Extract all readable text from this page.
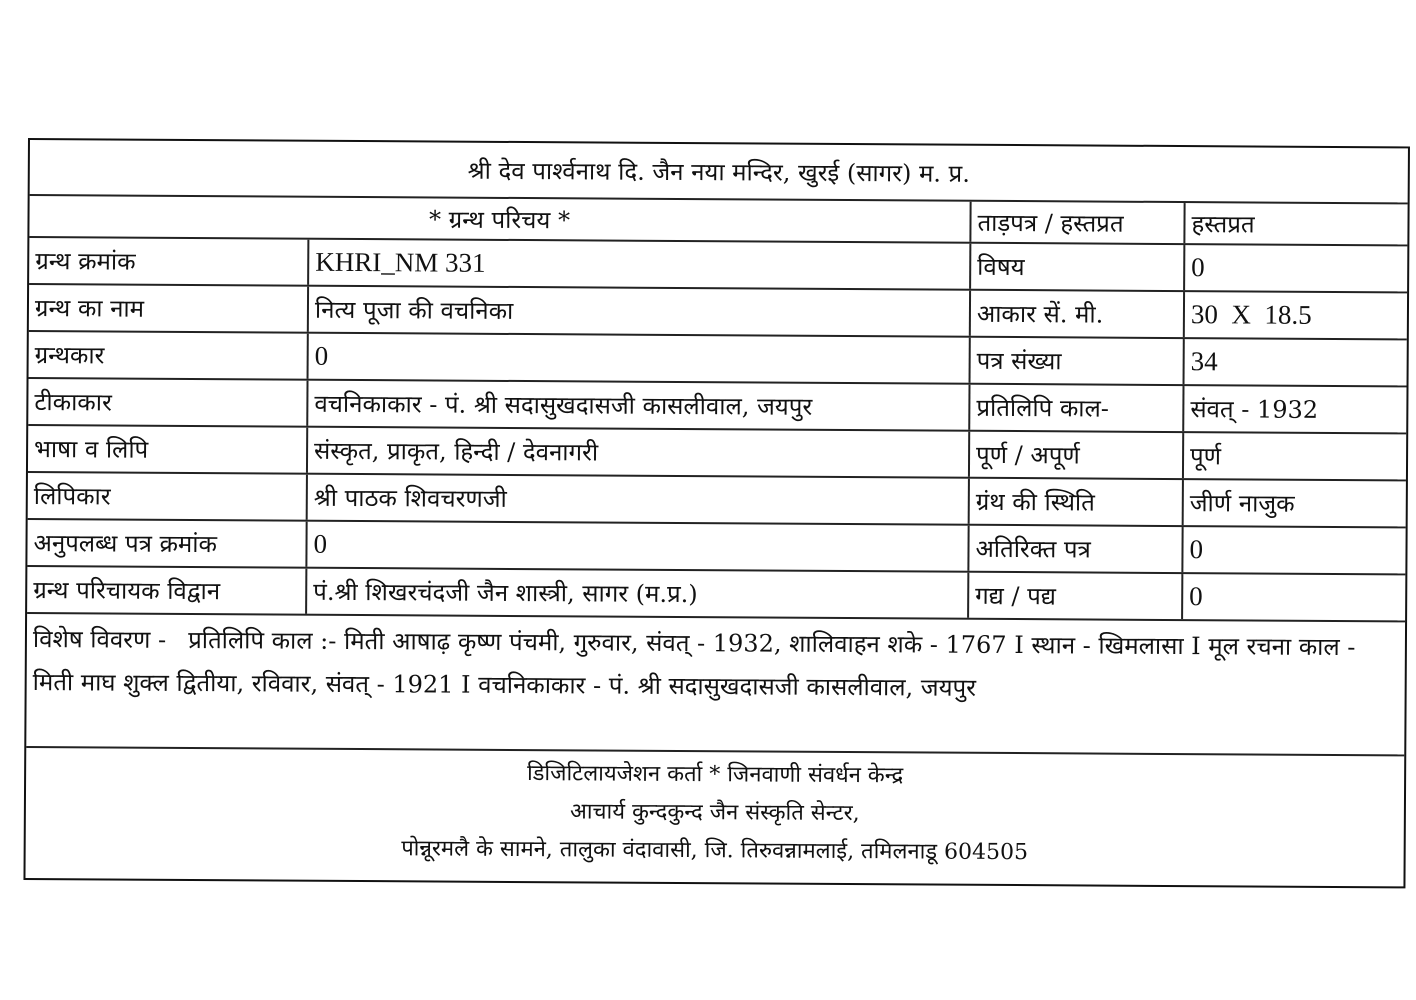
श्री देव पार्श्वनाथ दि. जैन नया मन्दिर, खुरई (सागर) म. प्र.
* ग्रन्थ परिचय *	ताड़पत्र / हस्तप्रत	हस्तप्रत
ग्रन्थ क्रमांक	KHRI_NM 331	विषय	0
ग्रन्थ का नाम	नित्य पूजा की वचनिका	आकार सें. मी.	30  X  18.5
ग्रन्थकार	0	पत्र संख्या	34
टीकाकार	वचनिकाकार - पं. श्री सदासुखदासजी कासलीवाल, जयपुर	प्रतिलिपि काल-	संवत् - 1932
भाषा व लिपि	संस्कृत, प्राकृत, हिन्दी / देवनागरी	पूर्ण / अपूर्ण	पूर्ण
लिपिकार	श्री पाठक शिवचरणजी	ग्रंथ की स्थिति	जीर्ण नाजुक
अनुपलब्ध पत्र क्रमांक	0	अतिरिक्त पत्र	0
ग्रन्थ परिचायक विद्वान	पं.श्री शिखरचंदजी जैन शास्त्री, सागर (म.प्र.)	गद्य / पद्य	0
विशेष विवरण - प्रतिलिपि काल :- मिती आषाढ़ कृष्ण पंचमी, गुरुवार, संवत् - 1932, शालिवाहन शके - 1767 I स्थान - खिमलासा I मूल रचना काल - मिती माघ शुक्ल द्वितीया, रविवार, संवत् - 1921 I वचनिकाकार - पं. श्री सदासुखदासजी कासलीवाल, जयपुर
डिजिटिलायजेशन कर्ता * जिनवाणी संवर्धन केन्द्र
आचार्य कुन्दकुन्द जैन संस्कृति सेन्टर,
पोन्नूरमलै के सामने, तालुका वंदावासी, जि. तिरुवन्नामलाई, तमिलनाडू 604505
